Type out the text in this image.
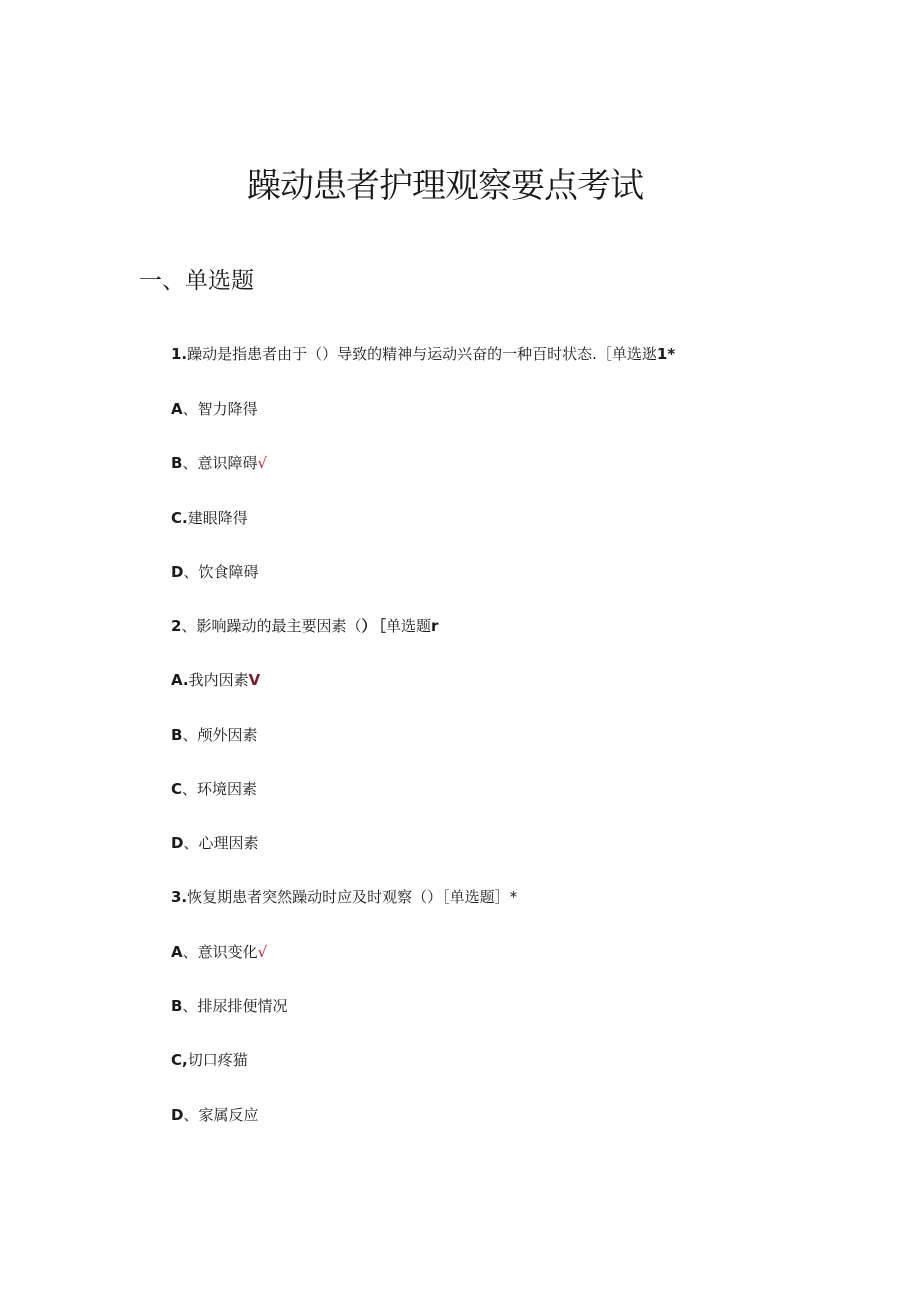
躁动患者护理观察要点考试
一、单选题
1.躁动是指患者由于（）导致的精神与运动兴奋的一种百时状态.［单选逖1*
A、智力降得
B、意识障碍√
C.建眼降得
D、饮食障碍
2、影响躁动的最主要因素（） ［单选题r
A.我内因素V
B、颅外因素
C、环境因素
D、心理因素
3.恢复期患者突然躁动时应及时观察（）［单选题］*
A、意识变化√
B、排尿排便情况
C,切口疼猫
D、家属反应
